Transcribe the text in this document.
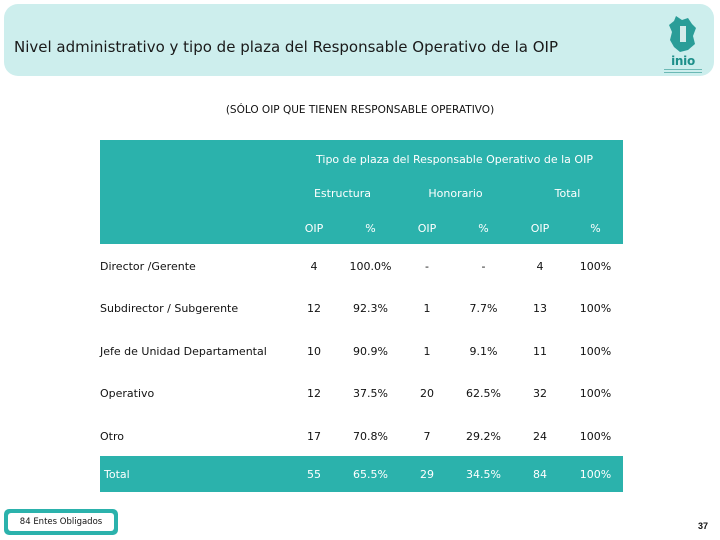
Nivel administrativo y tipo de plaza del Responsable Operativo de la OIP
inio
(SÓLO OIP QUE TIENEN RESPONSABLE OPERATIVO)
Tipo de plaza del Responsable Operativo de la OIP
Estructura	Honorario	Total
OIP	%	OIP	%	OIP	%
Director /Gerente	4	100.0%	-	-	4	100%
Subdirector / Subgerente	12	92.3%	1	7.7%	13	100%
Jefe de Unidad Departamental	10	90.9%	1	9.1%	11	100%
Operativo	12	37.5%	20	62.5%	32	100%
Otro	17	70.8%	7	29.2%	24	100%
Total	55	65.5%	29	34.5%	84	100%
84 Entes Obligados	37
